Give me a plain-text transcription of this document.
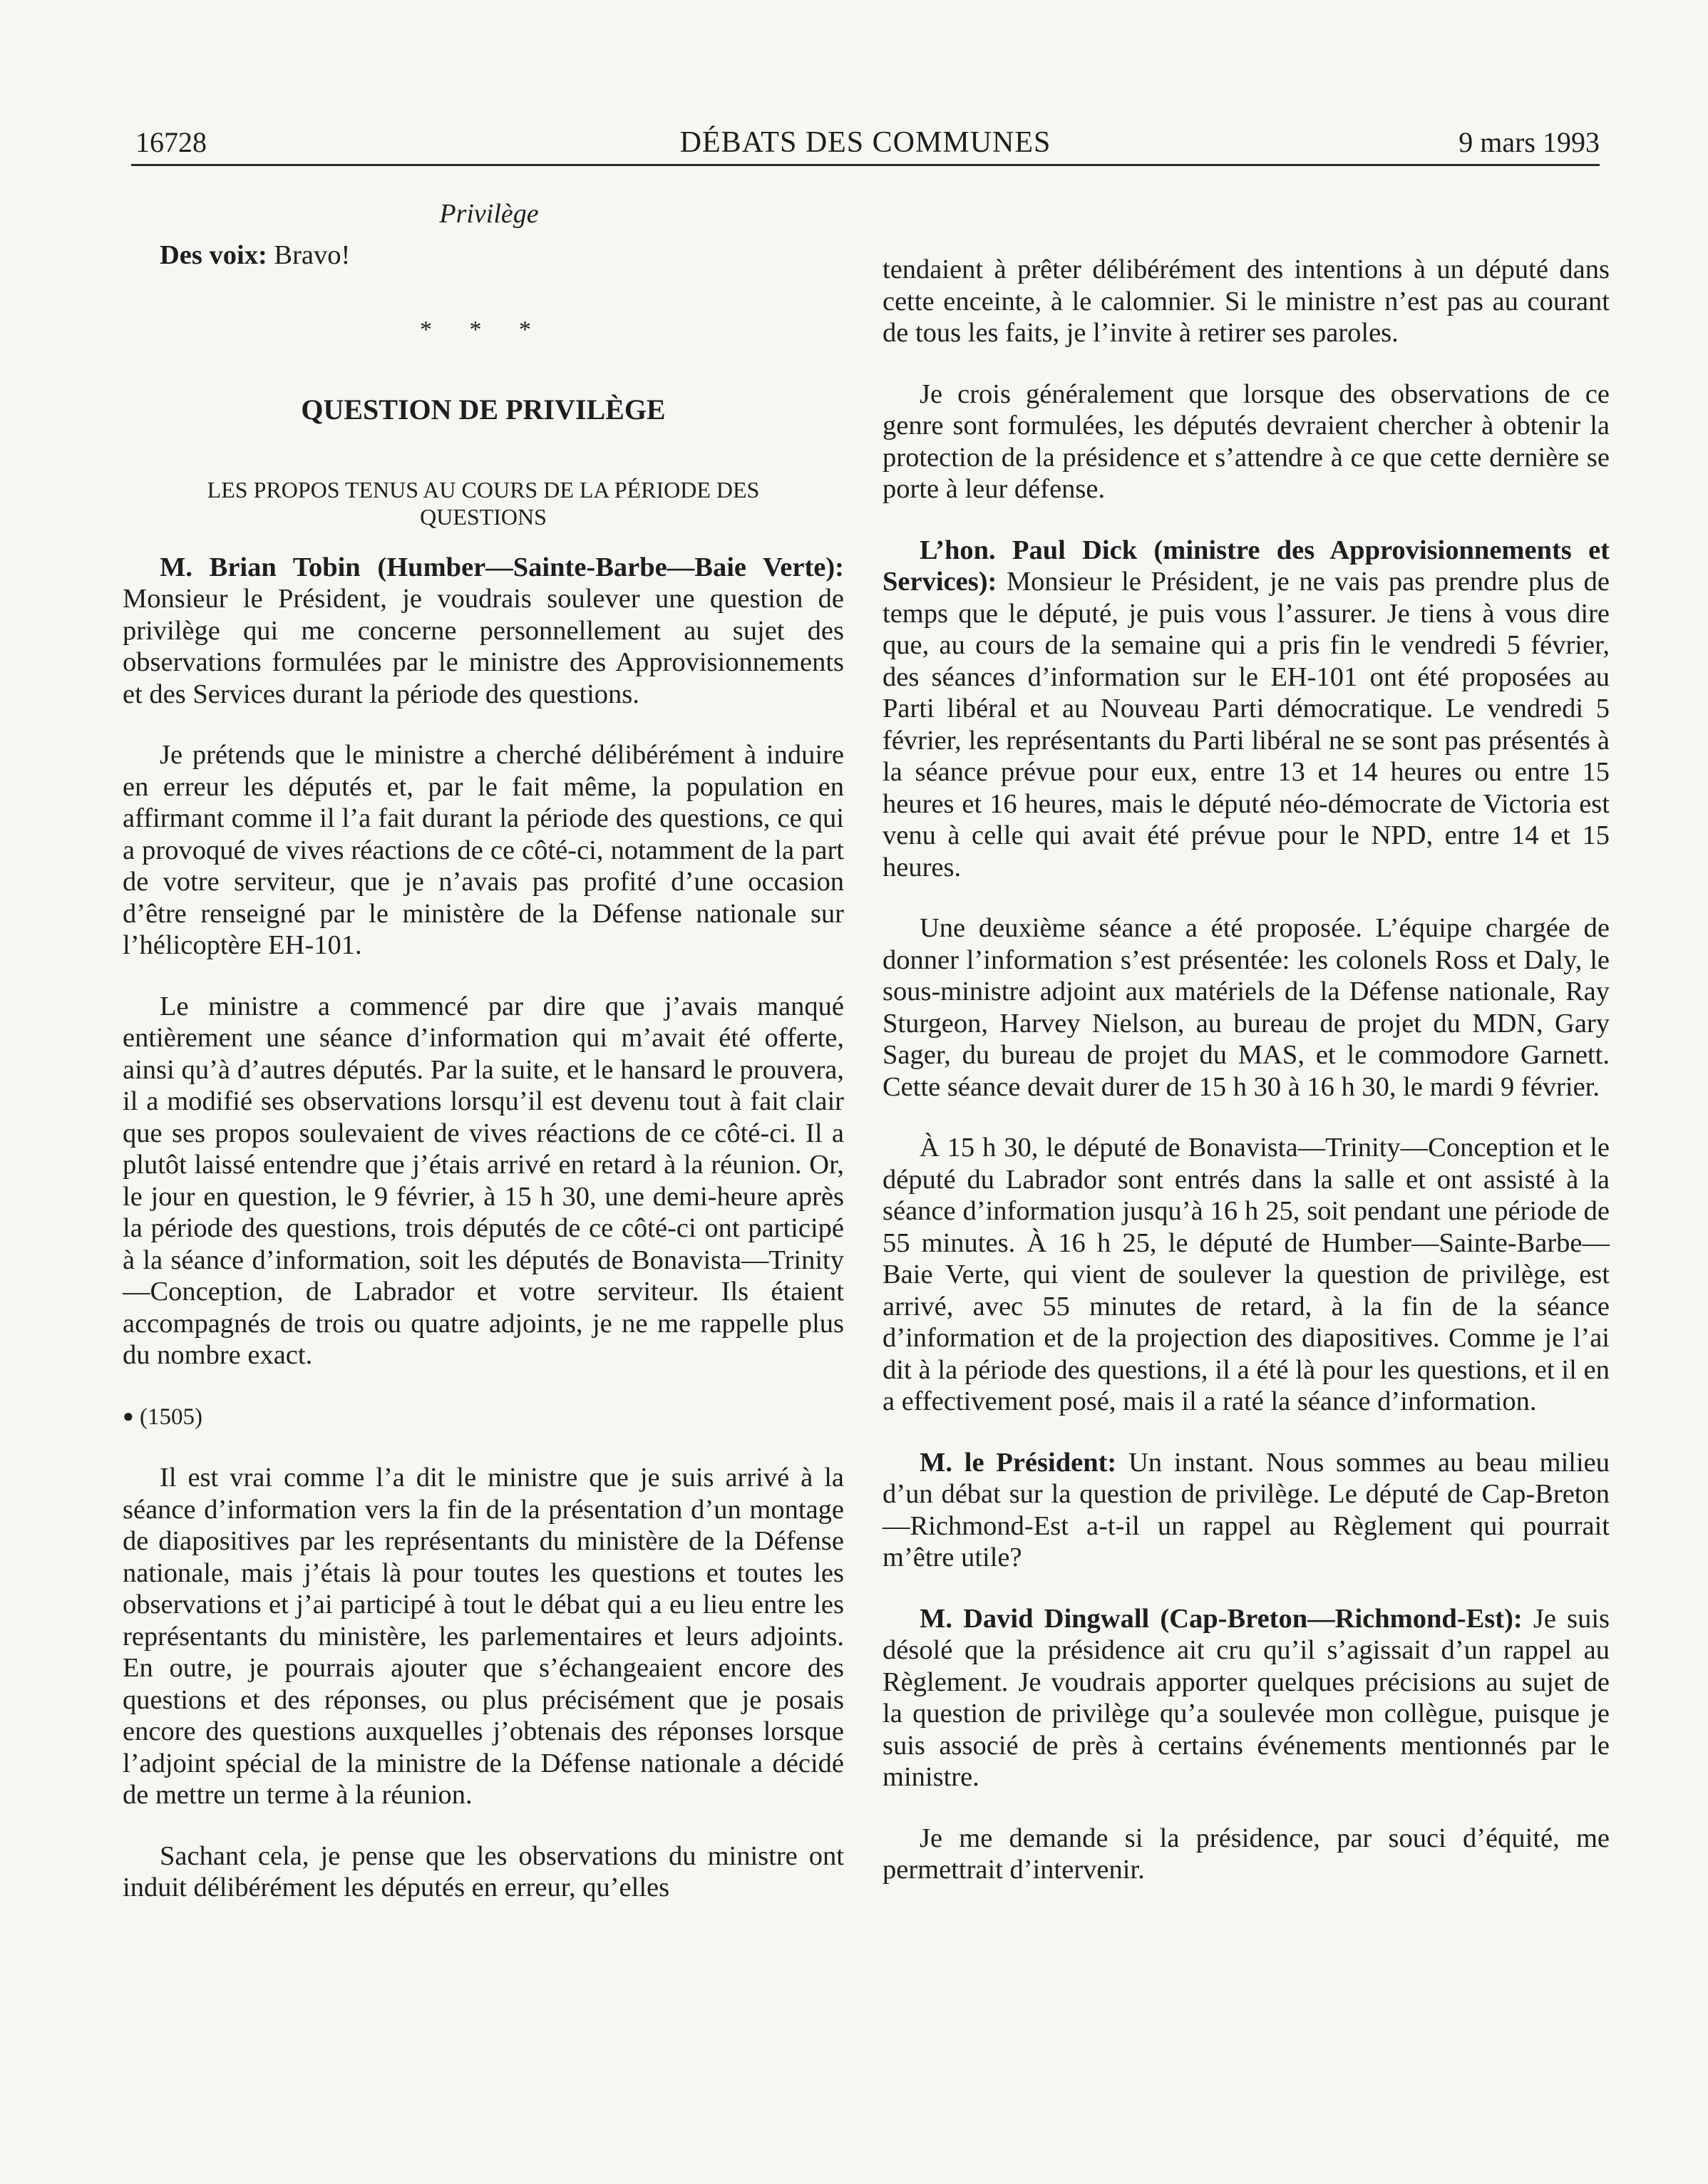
16728	DÉBATS DES COMMUNES	9 mars 1993
Privilège

Des voix: Bravo!

* * *
QUESTION DE PRIVILÈGE
LES PROPOS TENUS AU COURS DE LA PÉRIODE DES QUESTIONS

M. Brian Tobin (Humber—Sainte-Barbe—Baie Verte): Monsieur le Président, je voudrais soulever une question de privilège qui me concerne personnellement au sujet des observations formulées par le ministre des Approvisionnements et des Services durant la période des questions.

Je prétends que le ministre a cherché délibérément à induire en erreur les députés et, par le fait même, la population en affirmant comme il l’a fait durant la période des questions, ce qui a provoqué de vives réactions de ce côté-ci, notamment de la part de votre serviteur, que je n’avais pas profité d’une occasion d’être renseigné par le ministère de la Défense nationale sur l’hélicoptère EH-101.

Le ministre a commencé par dire que j’avais manqué entièrement une séance d’information qui m’avait été offerte, ainsi qu’à d’autres députés. Par la suite, et le hansard le prouvera, il a modifié ses observations lorsqu’il est devenu tout à fait clair que ses propos soulevaient de vives réactions de ce côté-ci. Il a plutôt laissé entendre que j’étais arrivé en retard à la réunion. Or, le jour en question, le 9 février, à 15 h 30, une demi-heure après la période des questions, trois députés de ce côté-ci ont participé à la séance d’information, soit les députés de Bonavista—Trinity—Conception, de Labrador et votre serviteur. Ils étaient accompagnés de trois ou quatre adjoints, je ne me rappelle plus du nombre exact.

● (1505)

Il est vrai comme l’a dit le ministre que je suis arrivé à la séance d’information vers la fin de la présentation d’un montage de diapositives par les représentants du ministère de la Défense nationale, mais j’étais là pour toutes les questions et toutes les observations et j’ai participé à tout le débat qui a eu lieu entre les représentants du ministère, les parlementaires et leurs adjoints. En outre, je pourrais ajouter que s’échangeaient encore des questions et des réponses, ou plus précisément que je posais encore des questions auxquelles j’obtenais des réponses lorsque l’adjoint spécial de la ministre de la Défense nationale a décidé de mettre un terme à la réunion.

Sachant cela, je pense que les observations du ministre ont induit délibérément les députés en erreur, qu’elles

tendaient à prêter délibérément des intentions à un député dans cette enceinte, à le calomnier. Si le ministre n’est pas au courant de tous les faits, je l’invite à retirer ses paroles.

Je crois généralement que lorsque des observations de ce genre sont formulées, les députés devraient chercher à obtenir la protection de la présidence et s’attendre à ce que cette dernière se porte à leur défense.

L’hon. Paul Dick (ministre des Approvisionnements et Services): Monsieur le Président, je ne vais pas prendre plus de temps que le député, je puis vous l’assurer. Je tiens à vous dire que, au cours de la semaine qui a pris fin le vendredi 5 février, des séances d’information sur le EH-101 ont été proposées au Parti libéral et au Nouveau Parti démocratique. Le vendredi 5 février, les représentants du Parti libéral ne se sont pas présentés à la séance prévue pour eux, entre 13 et 14 heures ou entre 15 heures et 16 heures, mais le député néo-démocrate de Victoria est venu à celle qui avait été prévue pour le NPD, entre 14 et 15 heures.

Une deuxième séance a été proposée. L’équipe chargée de donner l’information s’est présentée: les colonels Ross et Daly, le sous-ministre adjoint aux matériels de la Défense nationale, Ray Sturgeon, Harvey Nielson, au bureau de projet du MDN, Gary Sager, du bureau de projet du MAS, et le commodore Garnett. Cette séance devait durer de 15 h 30 à 16 h 30, le mardi 9 février.

À 15 h 30, le député de Bonavista—Trinity—Conception et le député du Labrador sont entrés dans la salle et ont assisté à la séance d’information jusqu’à 16 h 25, soit pendant une période de 55 minutes. À 16 h 25, le député de Humber—Sainte-Barbe—Baie Verte, qui vient de soulever la question de privilège, est arrivé, avec 55 minutes de retard, à la fin de la séance d’information et de la projection des diapositives. Comme je l’ai dit à la période des questions, il a été là pour les questions, et il en a effectivement posé, mais il a raté la séance d’information.

M. le Président: Un instant. Nous sommes au beau milieu d’un débat sur la question de privilège. Le député de Cap-Breton—Richmond-Est a-t-il un rappel au Règlement qui pourrait m’être utile?

M. David Dingwall (Cap-Breton—Richmond-Est): Je suis désolé que la présidence ait cru qu’il s’agissait d’un rappel au Règlement. Je voudrais apporter quelques précisions au sujet de la question de privilège qu’a soulevée mon collègue, puisque je suis associé de près à certains événements mentionnés par le ministre.

Je me demande si la présidence, par souci d’équité, me permettrait d’intervenir.
